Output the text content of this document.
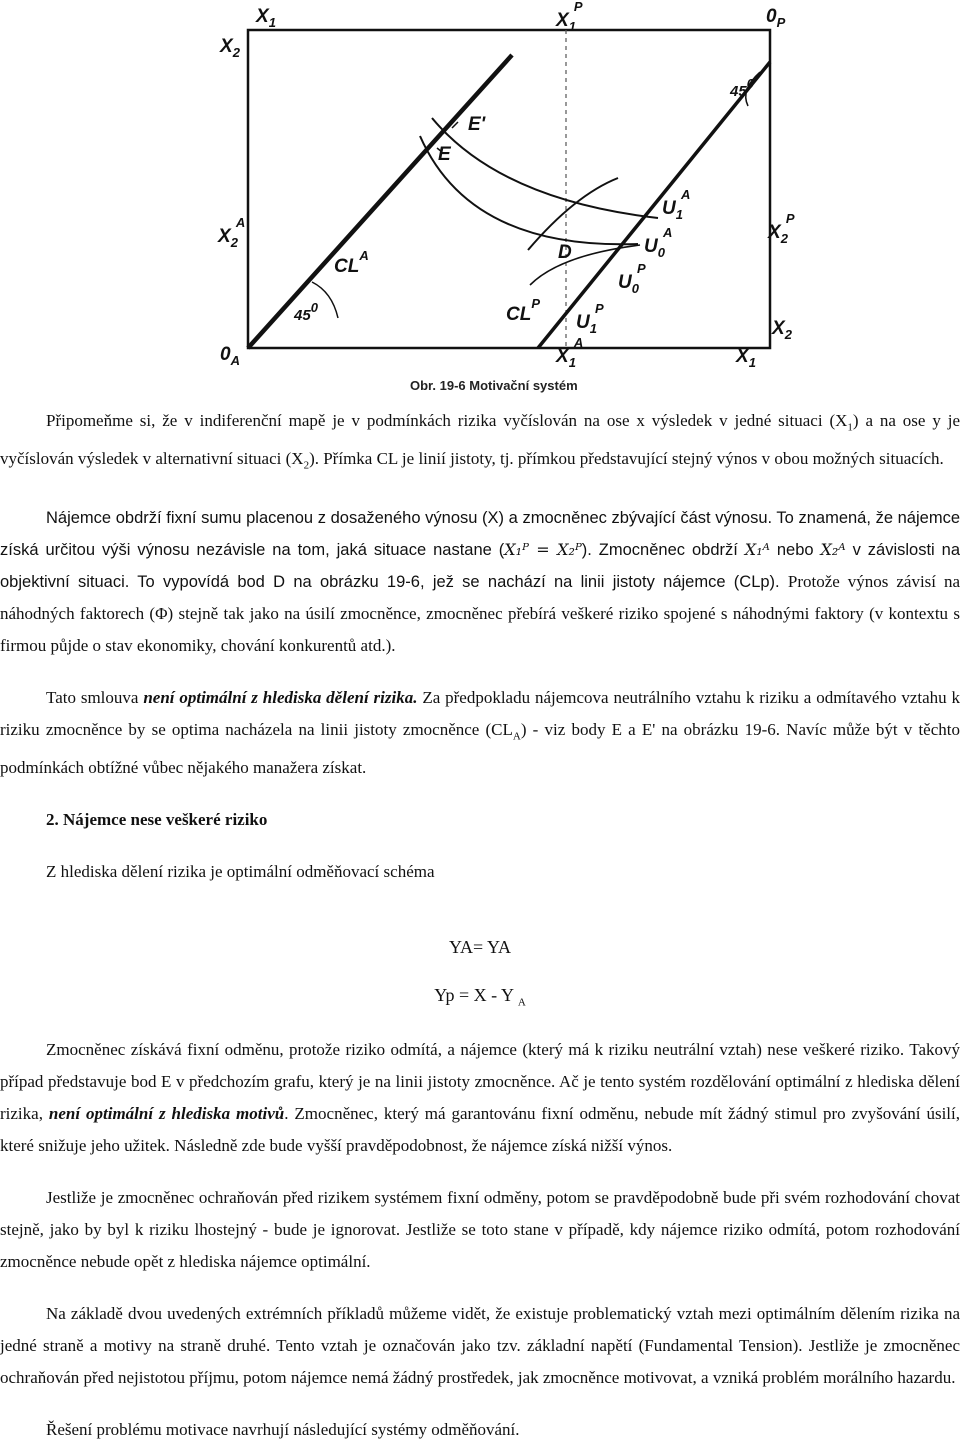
$X_1$	$X_1P$	$0_P$
$X_2$
$X_2A$	$X_2P$
$X_2$
$0_A$	$X_1A$
$X_1$
E'
E
D
$CL^A$
$CL^P$
$U_1A$
$U_0A$
$U_0P$
$U_1P$
450
450
Obr. 19-6 Motivační systém

Připomeňme si, že v indiferenční mapě je v podmínkách rizika vyčíslován na ose x výsledek v jedné situaci $(X_1)$ a na ose y je vyčíslován výsledek v alternativní situaci $(X_2)$. Přímka CL je linií jistoty, tj. přímkou představující stejný výnos v obou možných situacích.

Nájemce obdrží fixní sumu placenou z dosaženého výnosu (X) a zmocněnec zbývající část výnosu. To znamená, že nájemce získá určitou výši výnosu nezávisle na tom, jaká situace nastane (X₁ᴾ = X₂ᴾ). Zmocněnec obdrží X₁ᴬ nebo X₂ᴬ v závislosti na objektivní situaci. To vypovídá bod D na obrázku 19-6, jež se nachází na linii jistoty nájemce (CLp). Protože výnos závisí na náhodných faktorech (Φ) stejně tak jako na úsilí zmocněnce, zmocněnec přebírá veškeré riziko spojené s náhodnými faktory (v kontextu s firmou půjde o stav ekonomiky, chování konkurentů atd.).

Tato smlouva není optimální z hlediska dělení rizika. Za předpokladu nájemcova neutrálního vztahu k riziku a odmítavého vztahu k riziku zmocněnce by se optima nacházela na linii jistoty zmocněnce $(CL_A)$ - viz body E a E' na obrázku 19-6. Navíc může být v těchto podmínkách obtížné vůbec nějakého manažera získat.

2. Nájemce nese veškeré riziko

Z hlediska dělení rizika je optimální odměňovací schéma

YA= YA

Yp = X - Y $_A$

Zmocněnec získává fixní odměnu, protože riziko odmítá, a nájemce (který má k riziku neutrální vztah) nese veškeré riziko. Takový případ představuje bod E v předchozím grafu, který je na linii jistoty zmocněnce. Ač je tento systém rozdělování optimální z hlediska dělení rizika, není optimální z hlediska motivů. Zmocněnec, který má garantovánu fixní odměnu, nebude mít žádný stimul pro zvyšování úsilí, které snižuje jeho užitek. Následně zde bude vyšší pravděpodobnost, že nájemce získá nižší výnos.

Jestliže je zmocněnec ochraňován před rizikem systémem fixní odměny, potom se pravděpodobně bude při svém rozhodování chovat stejně, jako by byl k riziku lhostejný - bude je ignorovat. Jestliže se toto stane v případě, kdy nájemce riziko odmítá, potom rozhodování zmocněnce nebude opět z hlediska nájemce optimální.

Na základě dvou uvedených extrémních příkladů můžeme vidět, že existuje problematický vztah mezi optimálním dělením rizika na jedné straně a motivy na straně druhé. Tento vztah je označován jako tzv. základní napětí (Fundamental Tension). Jestliže je zmocněnec ochraňován před nejistotou příjmu, potom nájemce nemá žádný prostředek, jak zmocněnce motivovat, a vzniká problém morálního hazardu.

Řešení problému motivace navrhují následující systémy odměňování.
